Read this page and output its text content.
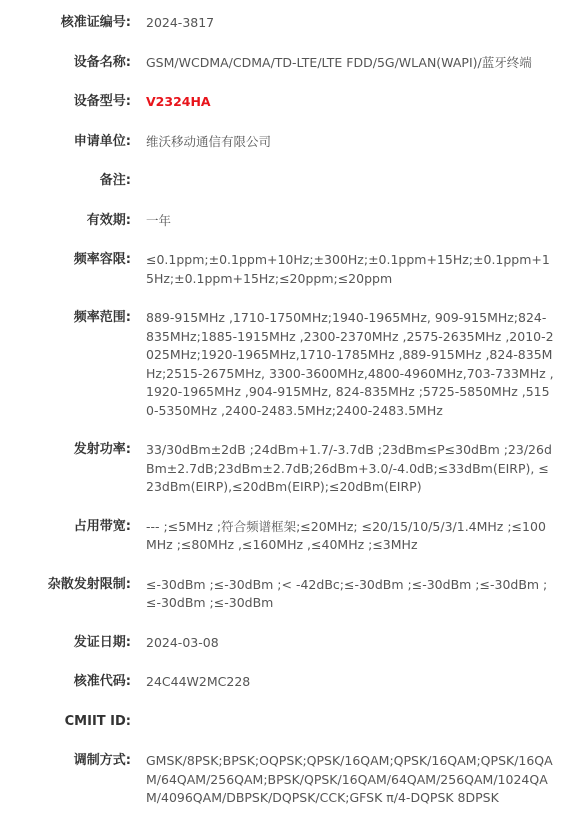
核准证编号:	2024-3817
设备名称:	GSM/WCDMA/CDMA/TD-LTE/LTE FDD/5G/WLAN(WAPI)/蓝牙终端
设备型号:	V2324HA
申请单位:	维沃移动通信有限公司
备注:	
有效期:	一年
频率容限:	≤0.1ppm;±0.1ppm+10Hz;±300Hz;±0.1ppm+15Hz;±0.1ppm+15Hz;±0.1ppm+15Hz;≤20ppm;≤20ppm
频率范围:	889-915MHz ,1710-1750MHz;1940-1965MHz, 909-915MHz;824-835MHz;1885-1915MHz ,2300-2370MHz ,2575-2635MHz ,2010-2025MHz;1920-1965MHz,1710-1785MHz ,889-915MHz ,824-835MHz;2515-2675MHz, 3300-3600MHz,4800-4960MHz,703-733MHz ,1920-1965MHz ,904-915MHz, 824-835MHz ;5725-5850MHz ,5150-5350MHz ,2400-2483.5MHz;2400-2483.5MHz
发射功率:	33/30dBm±2dB ;24dBm+1.7/-3.7dB ;23dBm≤P≤30dBm ;23/26dBm±2.7dB;23dBm±2.7dB;26dBm+3.0/-4.0dB;≤33dBm(EIRP), ≤23dBm(EIRP),≤20dBm(EIRP);≤20dBm(EIRP)
占用带宽:	--- ;≤5MHz ;符合频谱框架;≤20MHz; ≤20/15/10/5/3/1.4MHz ;≤100MHz ;≤80MHz ,≤160MHz ,≤40MHz ;≤3MHz
杂散发射限制:	≤-30dBm ;≤-30dBm ;< -42dBc;≤-30dBm ;≤-30dBm ;≤-30dBm ;≤-30dBm ;≤-30dBm
发证日期:	2024-03-08
核准代码:	24C44W2MC228
CMIIT ID:	
调制方式:	GMSK/8PSK;BPSK;OQPSK;QPSK/16QAM;QPSK/16QAM;QPSK/16QAM/64QAM/256QAM;BPSK/QPSK/16QAM/64QAM/256QAM/1024QAM/4096QAM/DBPSK/DQPSK/CCK;GFSK π/4-DQPSK 8DPSK
